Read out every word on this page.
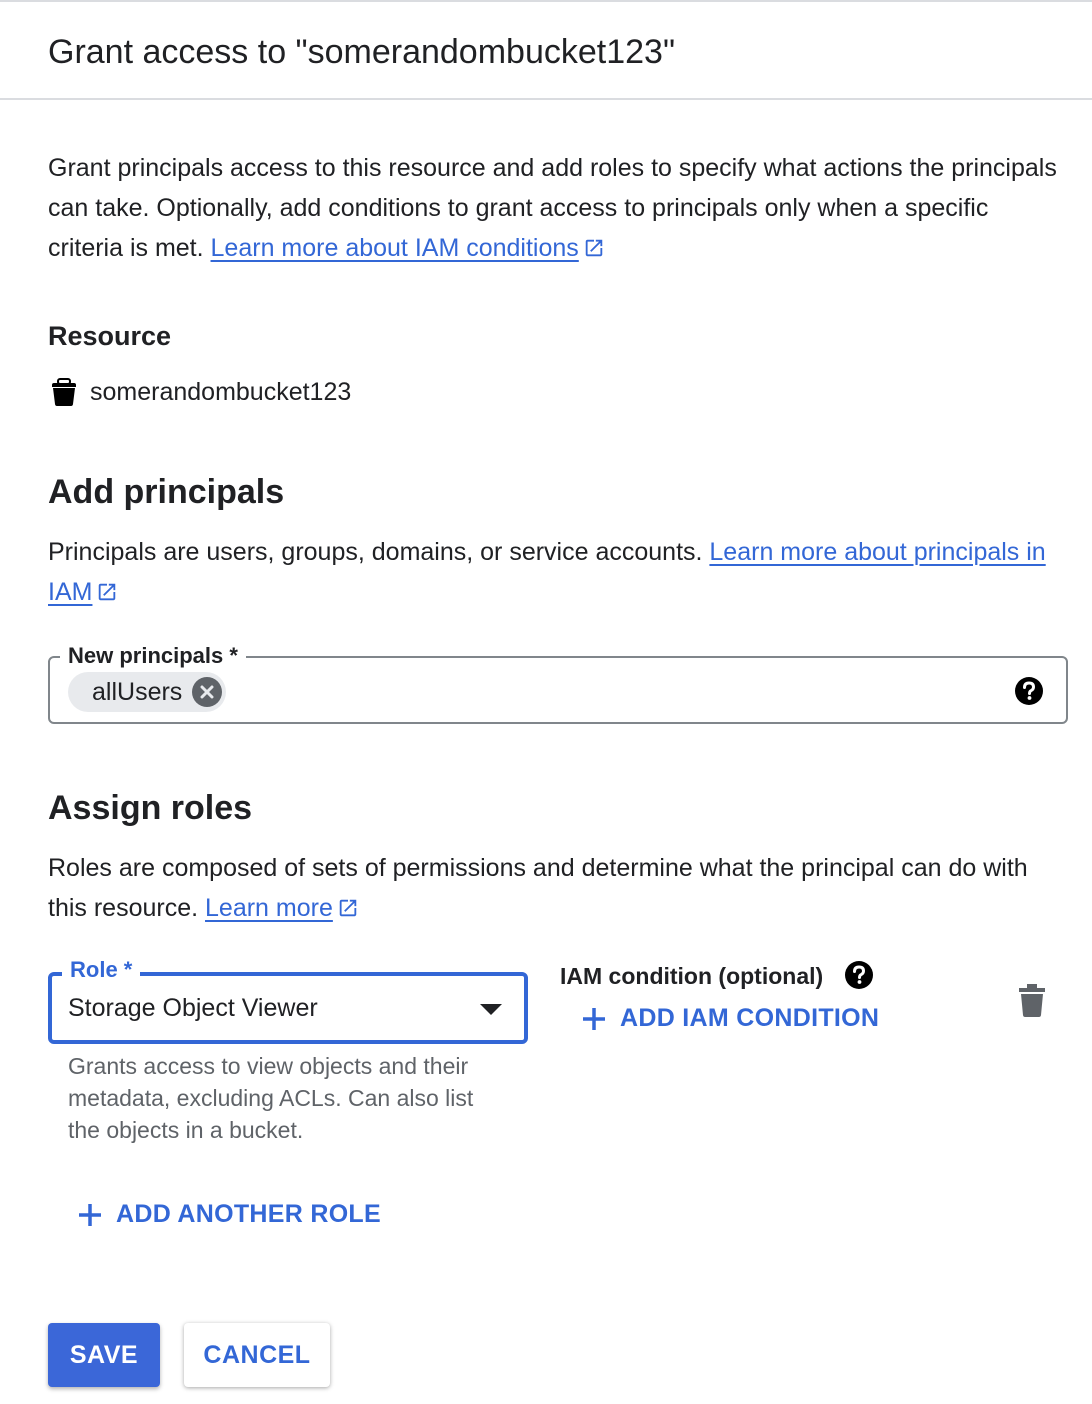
Grant access to "somerandombucket123"
Grant principals access to this resource and add roles to specify what actions the principals can take. Optionally, add conditions to grant access to principals only when a specific criteria is met. Learn more about IAM conditions
Resource
somerandombucket123
Add principals
Principals are users, groups, domains, or service accounts. Learn more about principals in IAM
New principals *
allUsers
Assign roles
Roles are composed of sets of permissions and determine what the principal can do with this resource. Learn more
Role *
Storage Object Viewer
Grants access to view objects and their metadata, excluding ACLs. Can also list the objects in a bucket.
IAM condition (optional)
ADD IAM CONDITION
ADD ANOTHER ROLE
SAVE	CANCEL
